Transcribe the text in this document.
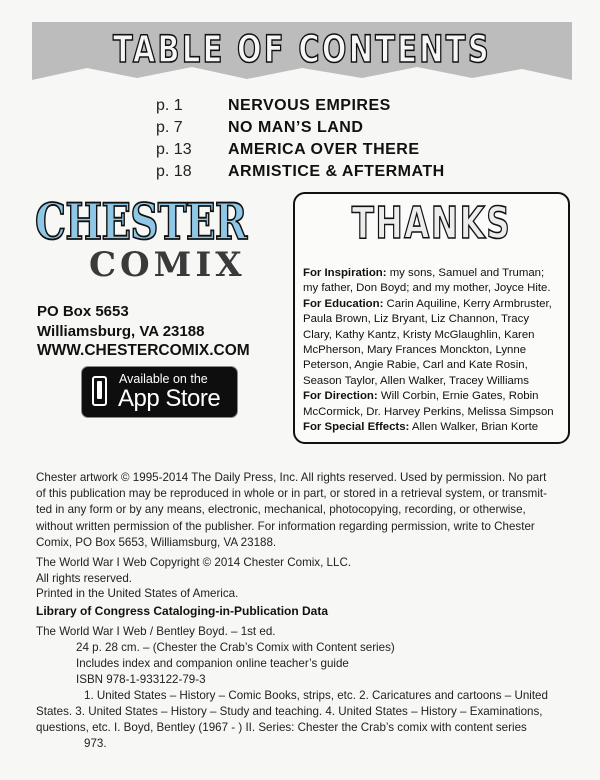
TABLE OF CONTENTS
p. 1	NERVOUS EMPIRES
p. 7	NO MAN’S LAND
p. 13	AMERICA OVER THERE
p. 18	ARMISTICE & AFTERMATH
CHESTER
COMIX
PO Box 5653
Williamsburg, VA 23188
WWW.CHESTERCOMIX.COM
Available on the
App Store
THANKS
For Inspiration: my sons, Samuel and Truman;
my father, Don Boyd; and my mother, Joyce Hite.
For Education: Carin Aquiline, Kerry Armbruster,
Paula Brown, Liz Bryant, Liz Channon, Tracy
Clary, Kathy Kantz, Kristy McGlaughlin, Karen
McPherson, Mary Frances Monckton, Lynne
Peterson, Angie Rabie, Carl and Kate Rosin,
Season Taylor, Allen Walker, Tracey Williams
For Direction: Will Corbin, Ernie Gates, Robin
McCormick, Dr. Harvey Perkins, Melissa Simpson
For Special Effects: Allen Walker, Brian Korte
Chester artwork © 1995-2014 The Daily Press, Inc. All rights reserved. Used by permission. No part
of this publication may be reproduced in whole or in part, or stored in a retrieval system, or transmit-
ted in any form or by any means, electronic, mechanical, photocopying, recording, or otherwise,
without written permission of the publisher. For information regarding permission, write to Chester
Comix, PO Box 5653, Williamsburg, VA 23188.
The World War I Web Copyright © 2014 Chester Comix, LLC.
All rights reserved.
Printed in the United States of America.
Library of Congress Cataloging-in-Publication Data
The World War I Web / Bentley Boyd. – 1st ed.
24 p. 28 cm. – (Chester the Crab’s Comix with Content series)
Includes index and companion online teacher’s guide
ISBN 978-1-933122-79-3
1. United States – History – Comic Books, strips, etc. 2. Caricatures and cartoons – United
States. 3. United States – History – Study and teaching. 4. United States – History – Examinations,
questions, etc. I. Boyd, Bentley (1967 - ) II. Series: Chester the Crab’s comix with content series
973.
